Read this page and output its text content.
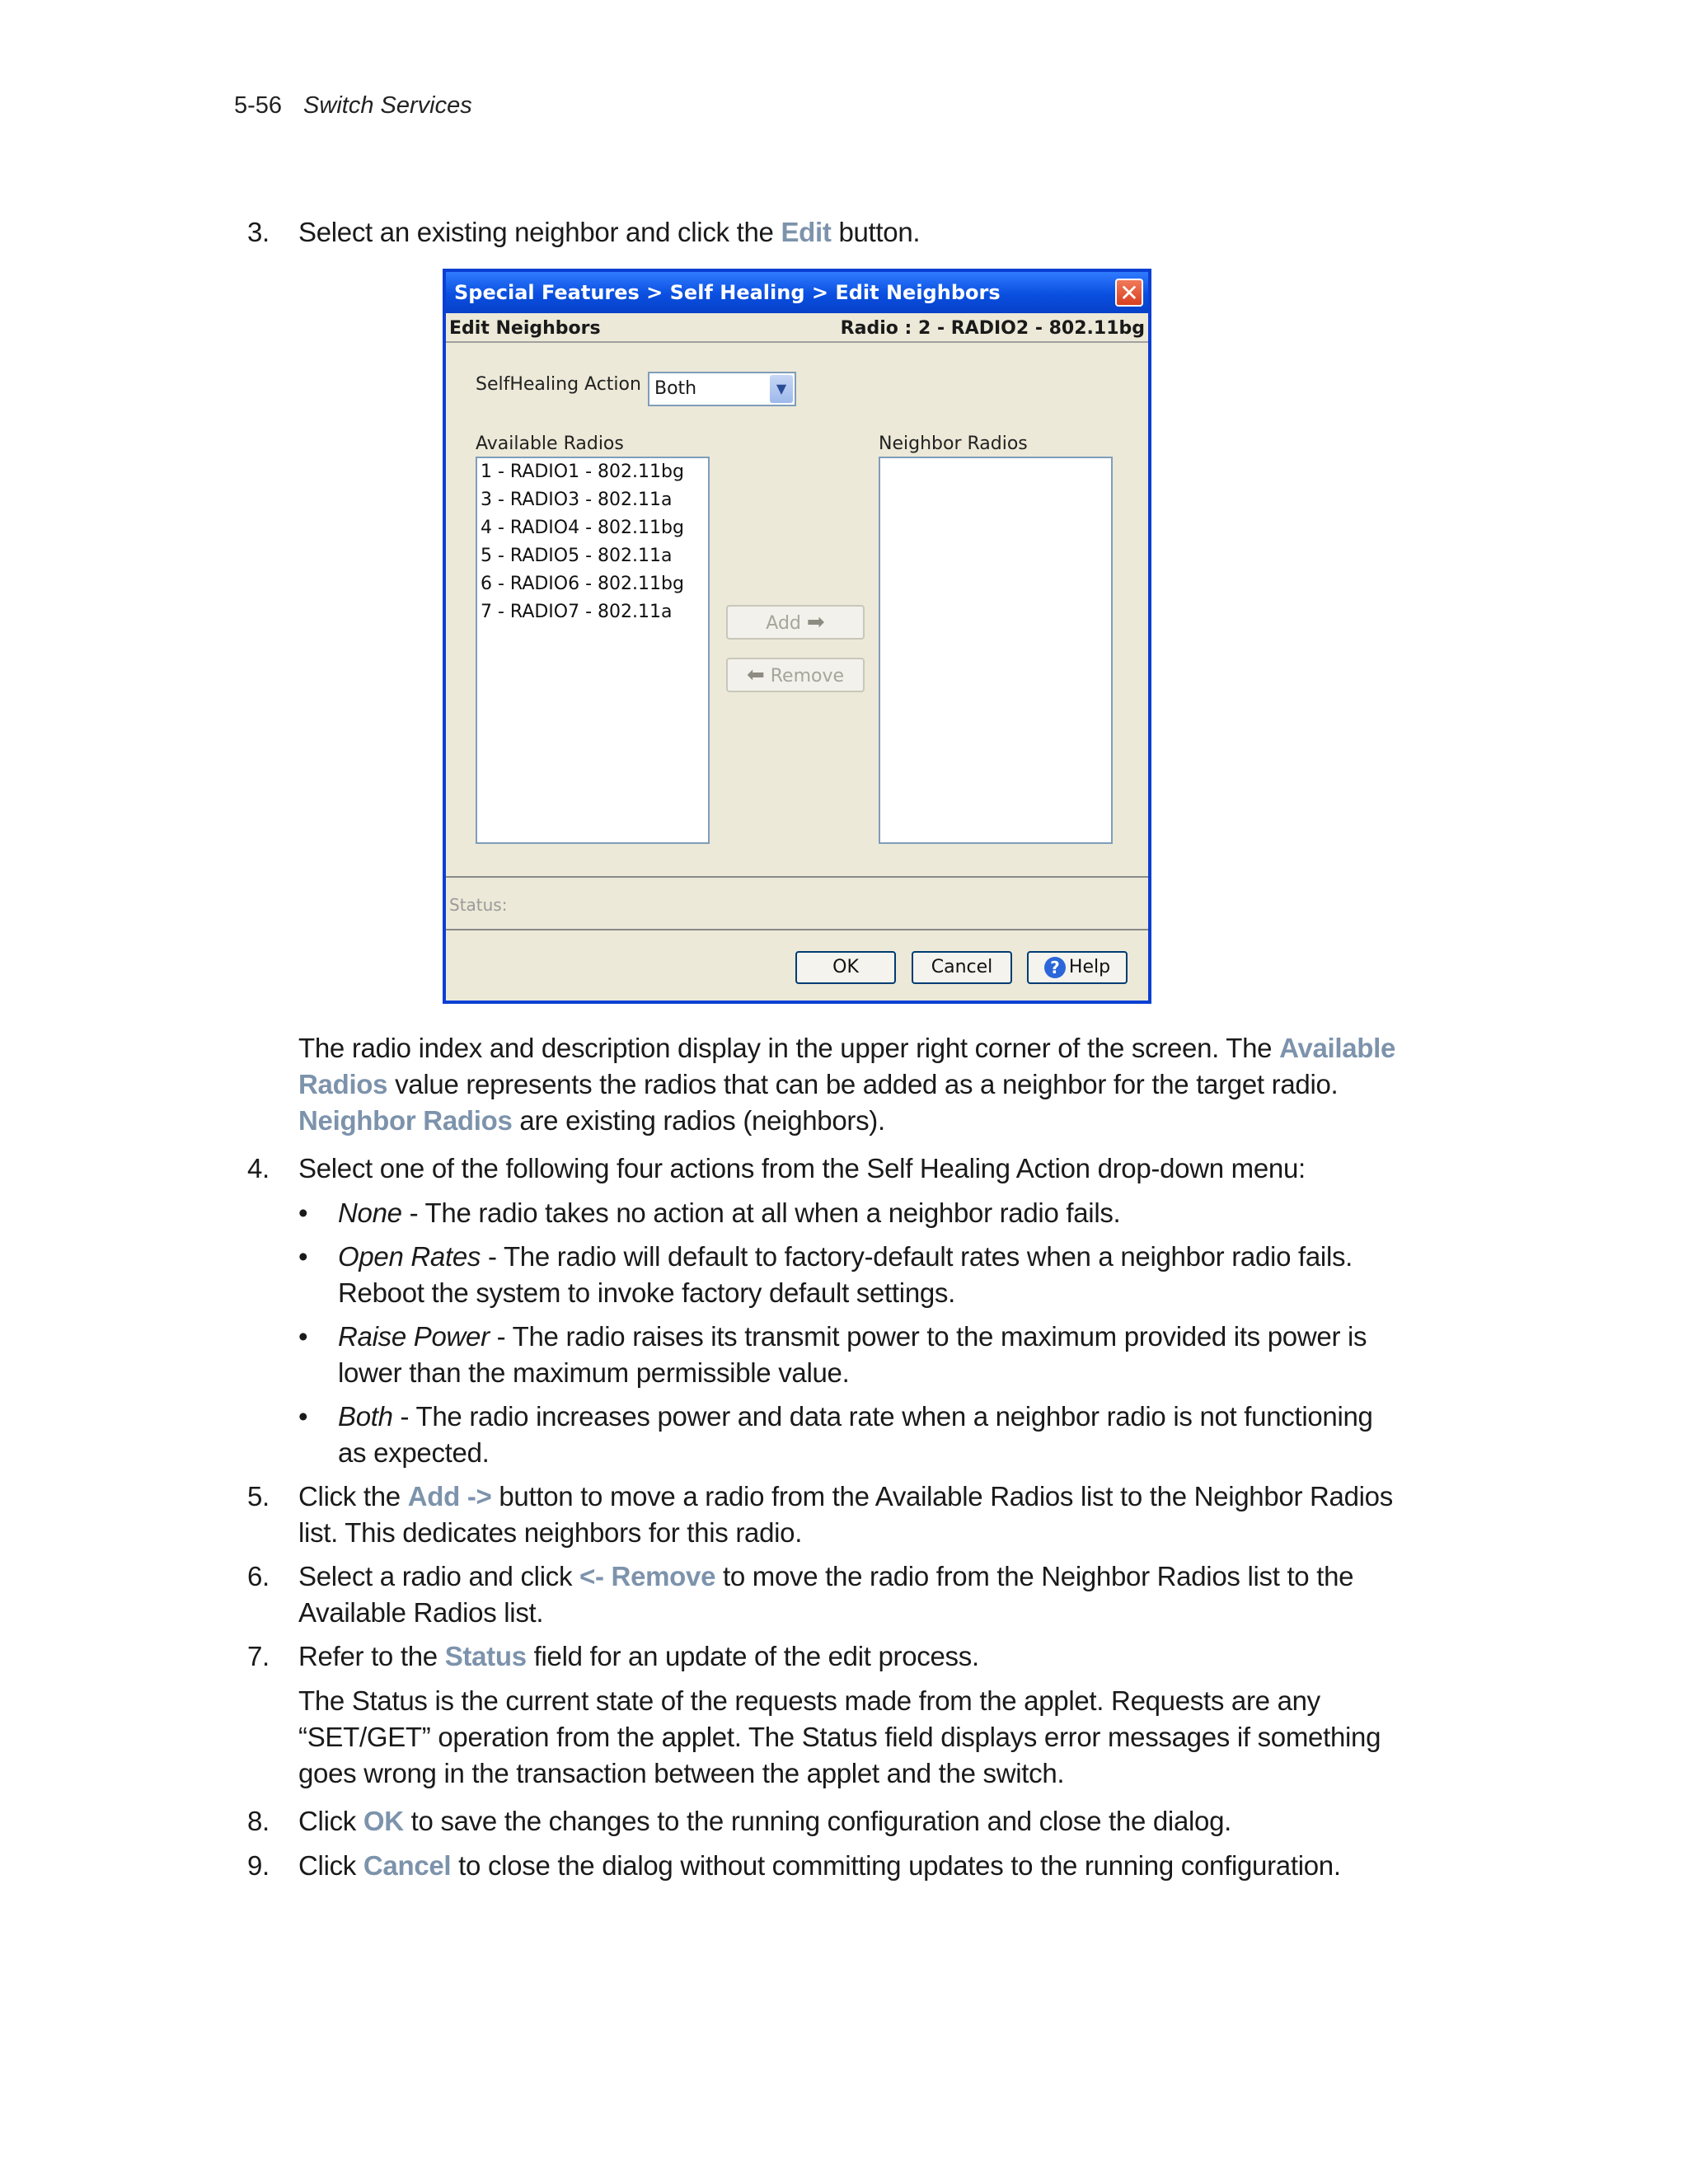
5-56 Switch Services
3.	Select an existing neighbor and click the Edit button.
Special Features > Self Healing > Edit Neighbors	✕
Edit Neighbors	Radio : 2 - RADIO2 - 802.11bg
SelfHealing Action Both	▼
Available Radios	Neighbor Radios
1 - RADIO1 - 802.11bg
3 - RADIO3 - 802.11a
4 - RADIO4 - 802.11bg
5 - RADIO5 - 802.11a
6 - RADIO6 - 802.11bg
7 - RADIO7 - 802.11a
Add ➡
⬅ Remove
Status:
OK	Cancel	? Help
The radio index and description display in the upper right corner of the screen. The Available Radios value represents the radios that can be added as a neighbor for the target radio. Neighbor Radios are existing radios (neighbors).
4.	Select one of the following four actions from the Self Healing Action drop-down menu:
• None - The radio takes no action at all when a neighbor radio fails.
• Open Rates - The radio will default to factory-default rates when a neighbor radio fails. Reboot the system to invoke factory default settings.
• Raise Power - The radio raises its transmit power to the maximum provided its power is lower than the maximum permissible value.
• Both - The radio increases power and data rate when a neighbor radio is not functioning as expected.
5.	Click the Add -> button to move a radio from the Available Radios list to the Neighbor Radios list. This dedicates neighbors for this radio.
6.	Select a radio and click <- Remove to move the radio from the Neighbor Radios list to the Available Radios list.
7.	Refer to the Status field for an update of the edit process.
The Status is the current state of the requests made from the applet. Requests are any “SET/GET” operation from the applet. The Status field displays error messages if something goes wrong in the transaction between the applet and the switch.
8.	Click OK to save the changes to the running configuration and close the dialog.
9.	Click Cancel to close the dialog without committing updates to the running configuration.
